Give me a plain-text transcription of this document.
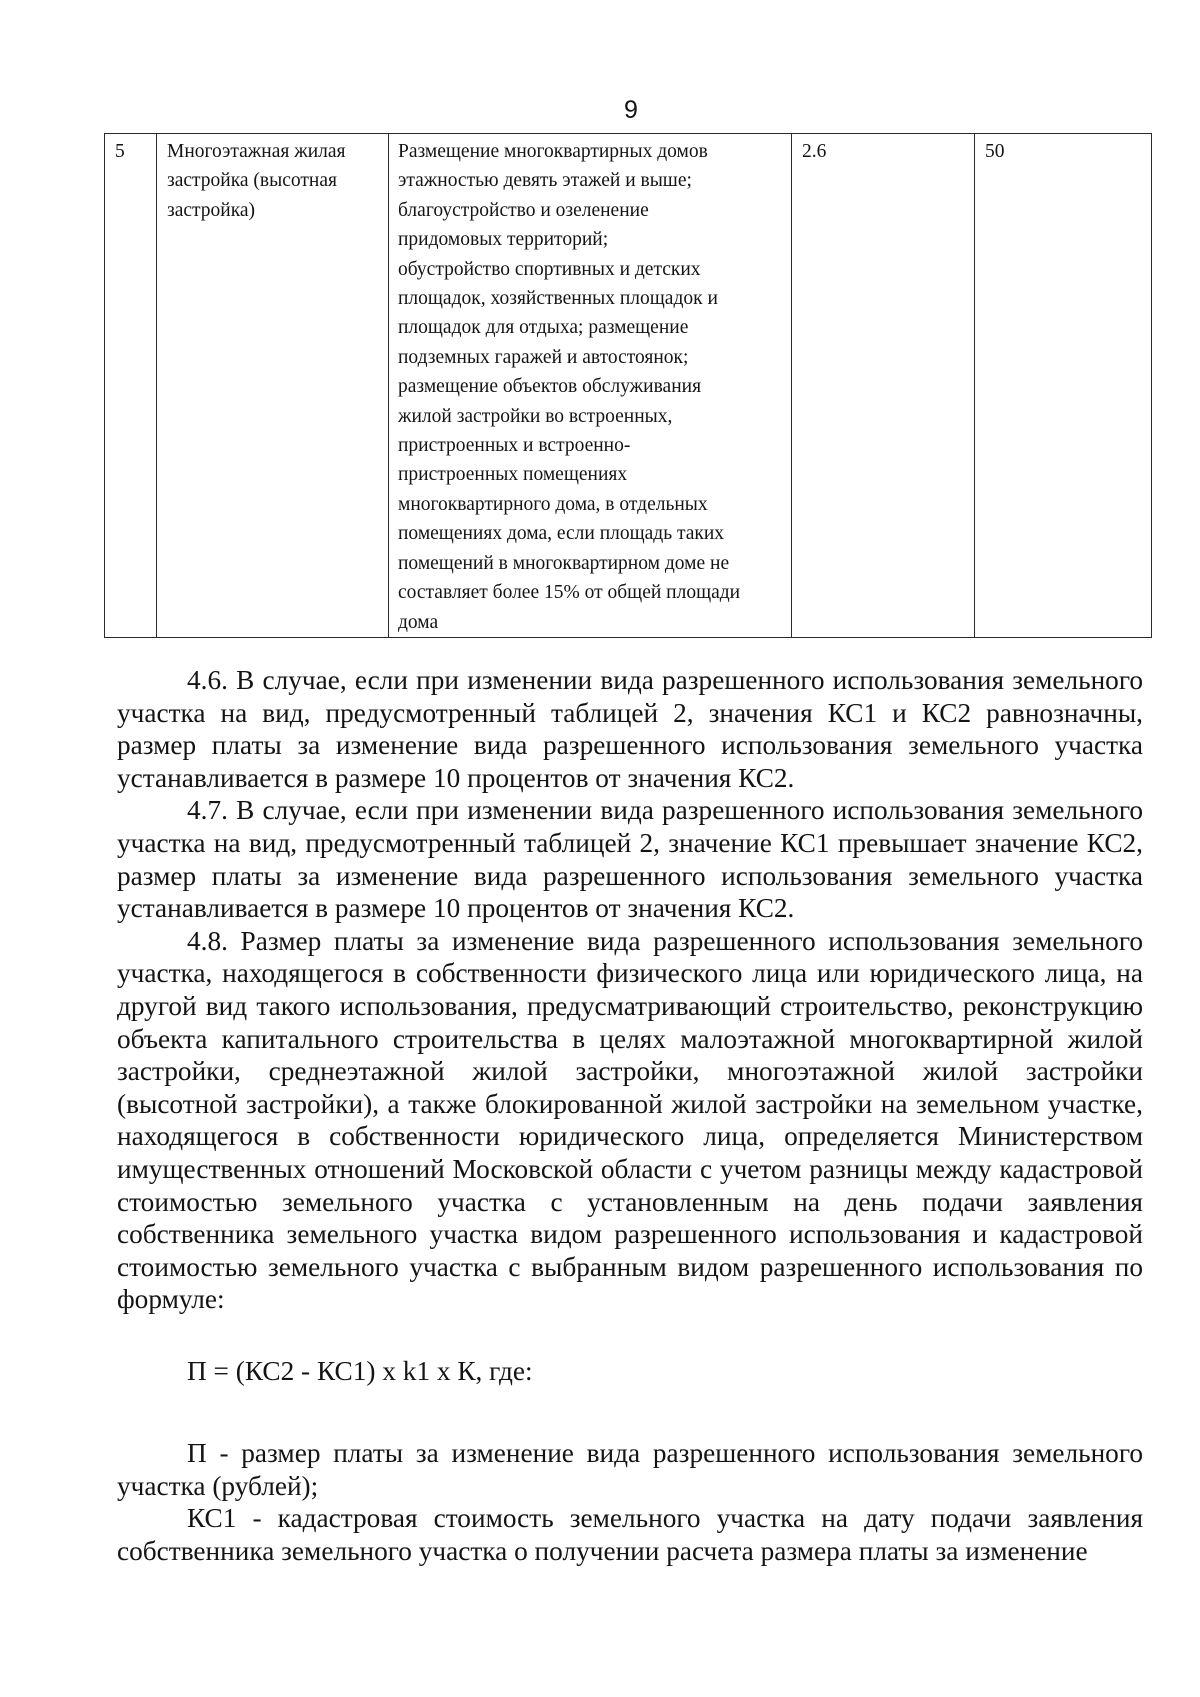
9
5	Многоэтажная жилая
застройка (высотная
застройка)	Размещение многоквартирных домов
этажностью девять этажей и выше;
благоустройство и озеленение
придомовых территорий;
обустройство спортивных и детских
площадок, хозяйственных площадок и
площадок для отдыха; размещение
подземных гаражей и автостоянок;
размещение объектов обслуживания
жилой застройки во встроенных,
пристроенных и встроенно-
пристроенных помещениях
многоквартирного дома, в отдельных
помещениях дома, если площадь таких
помещений в многоквартирном доме не
составляет более 15% от общей площади
дома	2.6	50

4.6. В случае, если при изменении вида разрешенного использования земельного участка на вид, предусмотренный таблицей 2, значения КС1 и КС2 равнозначны, размер платы за изменение вида разрешенного использования земельного участка устанавливается в размере 10 процентов от значения КС2.

4.7. В случае, если при изменении вида разрешенного использования земельного участка на вид, предусмотренный таблицей 2, значение КС1 превышает значение КС2, размер платы за изменение вида разрешенного использования земельного участка устанавливается в размере 10 процентов от значения КС2.

4.8. Размер платы за изменение вида разрешенного использования земельного участка, находящегося в собственности физического лица или юридического лица, на другой вид такого использования, предусматривающий строительство, реконструкцию объекта капитального строительства в целях малоэтажной многоквартирной жилой застройки, среднеэтажной жилой застройки, многоэтажной жилой застройки (высотной застройки), а также блокированной жилой застройки на земельном участке, находящегося в собственности юридического лица, определяется Министерством имущественных отношений Московской области с учетом разницы между кадастровой стоимостью земельного участка с установленным на день подачи заявления собственника земельного участка видом разрешенного использования и кадастровой стоимостью земельного участка с выбранным видом разрешенного использования по формуле:

П = (КС2 - КС1) x k1 x К, где:

П - размер платы за изменение вида разрешенного использования земельного участка (рублей);

КС1 - кадастровая стоимость земельного участка на дату подачи заявления собственника земельного участка о получении расчета размера платы за изменение
